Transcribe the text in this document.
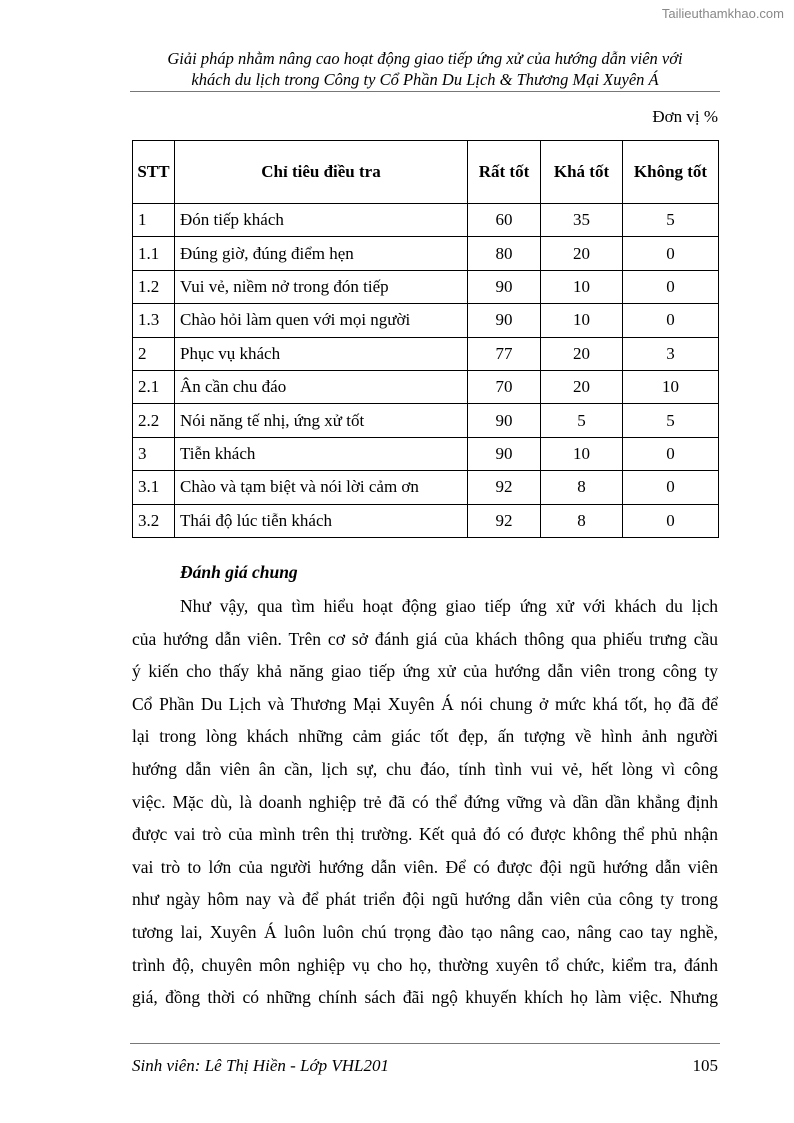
Tailieuthamkhao.com
Giải pháp nhằm nâng cao hoạt động giao tiếp ứng xử của hướng dẫn viên với
khách du lịch trong Công ty Cổ Phần Du Lịch & Thương Mại Xuyên Á
Đơn vị %
STT	Chỉ tiêu điều tra	Rất tốt	Khá tốt	Không tốt
1	Đón tiếp khách	60	35	5
1.1	Đúng giờ, đúng điểm hẹn	80	20	0
1.2	Vui vẻ, niềm nở trong đón tiếp	90	10	0
1.3	Chào hỏi làm quen với mọi người	90	10	0
2	Phục vụ khách	77	20	3
2.1	Ân cần chu đáo	70	20	10
2.2	Nói năng tế nhị, ứng xử tốt	90	5	5
3	Tiễn khách	90	10	0
3.1	Chào và tạm biệt và nói lời cảm ơn	92	8	0
3.2	Thái độ lúc tiễn khách	92	8	0
Đánh giá chung
Như vậy, qua tìm hiểu hoạt động giao tiếp ứng xử với khách du lịch
của hướng dẫn viên. Trên cơ sở đánh giá của khách thông qua phiếu trưng cầu
ý kiến cho thấy khả năng giao tiếp ứng xử của hướng dẫn viên trong công ty
Cổ Phần Du Lịch và Thương Mại Xuyên Á nói chung ở mức khá tốt, họ đã để
lại trong lòng khách những cảm giác tốt đẹp, ấn tượng về hình ảnh người
hướng dẫn viên ân cần, lịch sự, chu đáo, tính tình vui vẻ, hết lòng vì công
việc. Mặc dù, là doanh nghiệp trẻ đã có thể đứng vững và dần dần khẳng định
được vai trò của mình trên thị trường. Kết quả đó có được không thể phủ nhận
vai trò to lớn của người hướng dẫn viên. Để có được đội ngũ hướng dẫn viên
như ngày hôm nay và để phát triển đội ngũ hướng dẫn viên của công ty trong
tương lai, Xuyên Á luôn luôn chú trọng đào tạo nâng cao, nâng cao tay nghề,
trình độ, chuyên môn nghiệp vụ cho họ, thường xuyên tổ chức, kiểm tra, đánh
giá, đồng thời có những chính sách đãi ngộ khuyến khích họ làm việc. Nhưng
Sinh viên: Lê Thị Hiền - Lớp VHL201	105
